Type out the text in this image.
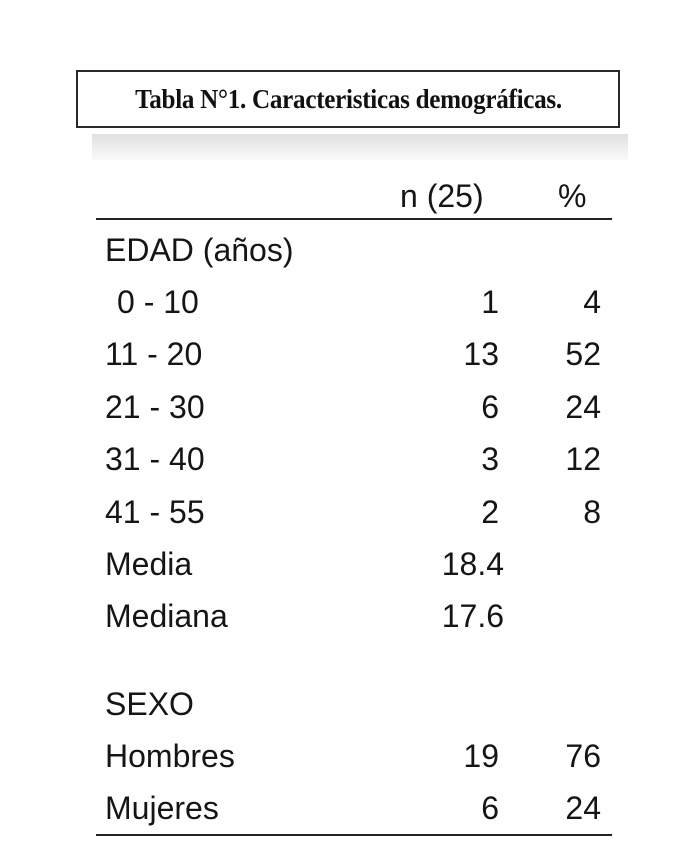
Tabla N°1. Caracteristicas demográficas.
n (25) %
EDAD (años)
0 - 10	1	4
11 - 20	13 52
21 - 30	6 24
31 - 40	3 12
41 - 55	2	8
Media	18.4
Mediana	17.6
SEXO
Hombres	19 76
Mujeres	6 24
